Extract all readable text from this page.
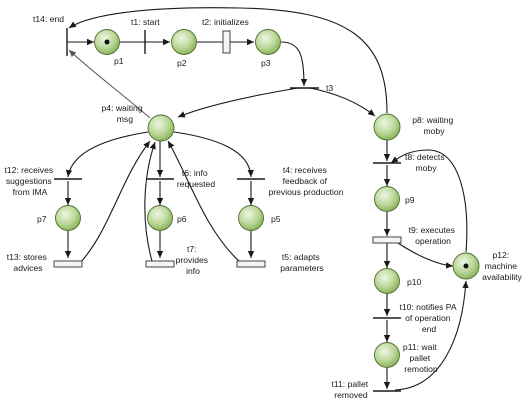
t14: end	t1: start	t2: initializes
t3
p1	p2	p3
p7	p6	p5
p9
p10
p4: waiting msg	p8: waiting moby
p11: wait pallet remotion
p12: machine availability
t12: receives suggestions from IMA
t6: info requested
t4: receives feedback of previous production
t13: stores advices
t7: provides info
t5: adapts parameters
t8: detects moby
t9: executes operation
t10: notifies PA of operation end
t11: pallet removed
